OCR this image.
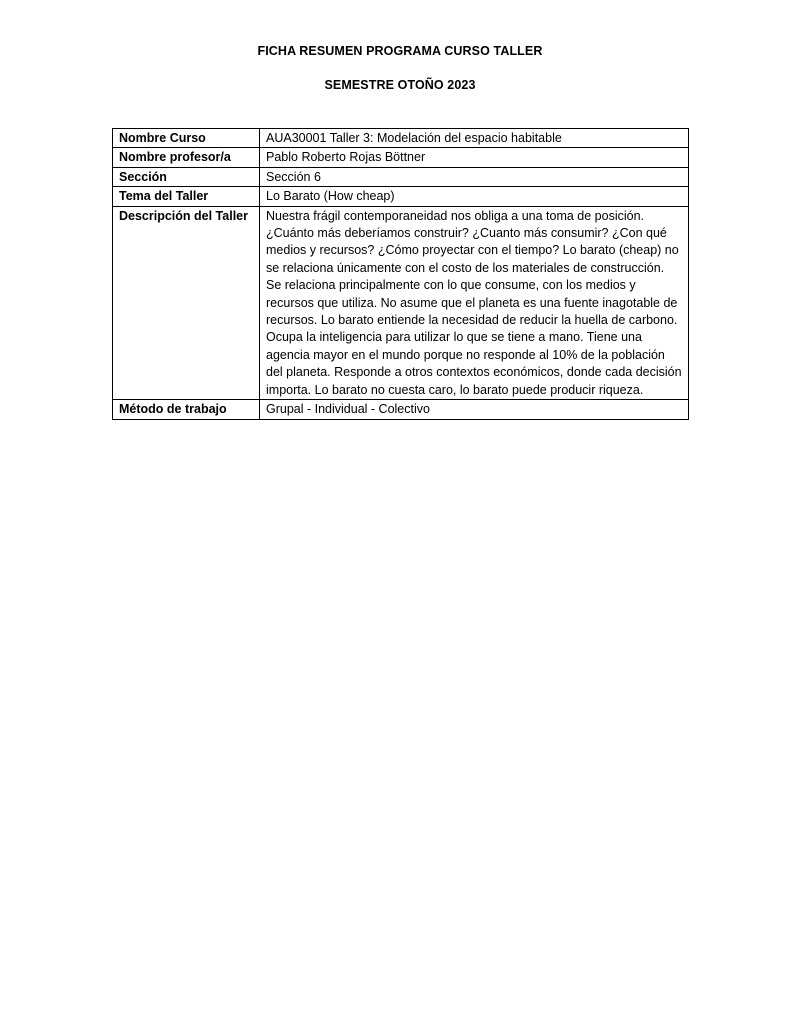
FICHA RESUMEN PROGRAMA CURSO TALLER
SEMESTRE OTOÑO 2023
Nombre Curso	AUA30001 Taller 3: Modelación del espacio habitable
Nombre profesor/a	Pablo Roberto Rojas Böttner
Sección	Sección 6
Tema del Taller	Lo Barato (How cheap)
Descripción del Taller	Nuestra frágil contemporaneidad nos obliga a una toma de posición. ¿Cuánto más deberíamos construir? ¿Cuanto más consumir? ¿Con qué medios y recursos? ¿Cómo proyectar con el tiempo? Lo barato (cheap) no se relaciona únicamente con el costo de los materiales de construcción. Se relaciona principalmente con lo que consume, con los medios y recursos que utiliza. No asume que el planeta es una fuente inagotable de recursos. Lo barato entiende la necesidad de reducir la huella de carbono. Ocupa la inteligencia para utilizar lo que se tiene a mano. Tiene una agencia mayor en el mundo porque no responde al 10% de la población del planeta. Responde a otros contextos económicos, donde cada decisión importa. Lo barato no cuesta caro, lo barato puede producir riqueza.
Método de trabajo	Grupal - Individual - Colectivo
